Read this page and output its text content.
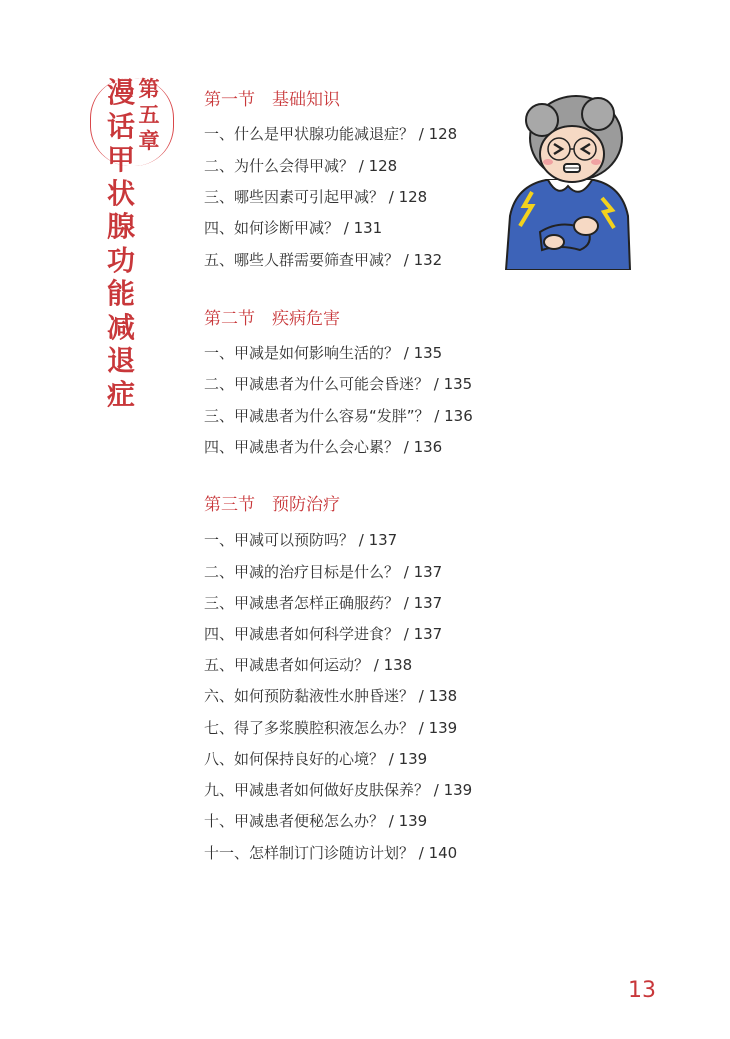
第五章
漫话甲状腺功能减退症
第一节　基础知识
一、什么是甲状腺功能减退症？ / 128
二、为什么会得甲减？ / 128
三、哪些因素可引起甲减？ / 128
四、如何诊断甲减？ / 131
五、哪些人群需要筛查甲减？ / 132
第二节　疾病危害
一、甲减是如何影响生活的？ / 135
二、甲减患者为什么可能会昏迷？ / 135
三、甲减患者为什么容易“发胖”？ / 136
四、甲减患者为什么会心累？ / 136
第三节　预防治疗
一、甲减可以预防吗？ / 137
二、甲减的治疗目标是什么？ / 137
三、甲减患者怎样正确服药？ / 137
四、甲减患者如何科学进食？ / 137
五、甲减患者如何运动？ / 138
六、如何预防黏液性水肿昏迷？ / 138
七、得了多浆膜腔积液怎么办？ / 139
八、如何保持良好的心境？ / 139
九、甲减患者如何做好皮肤保养？ / 139
十、甲减患者便秘怎么办？ / 139
十一、怎样制订门诊随访计划？ / 140
13
